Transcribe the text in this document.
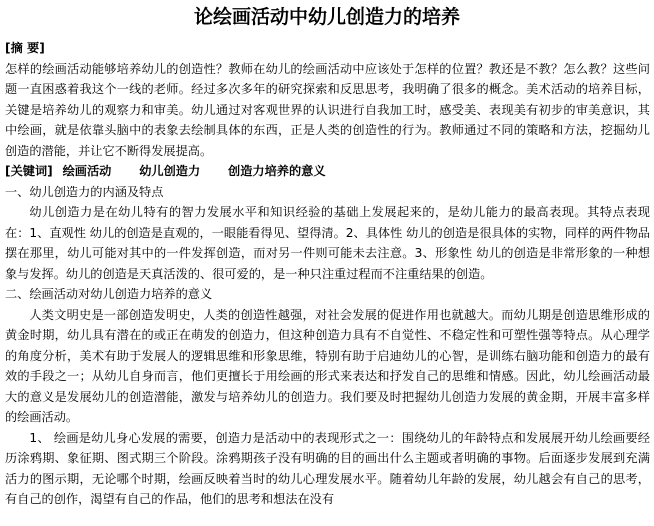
论绘画活动中幼儿创造力的培养

[摘 要]

怎样的绘画活动能够培养幼儿的创造性？教师在幼儿的绘画活动中应该处于怎样的位置？教还是不教？怎么教？这些问题一直困惑着我这个一线的老师。经过多次多年的研究探索和反思思考，我明确了很多的概念。美术活动的培养目标，关键是培养幼儿的观察力和审美。幼儿通过对客观世界的认识进行自我加工时，感受美、表现美有初步的审美意识，其中绘画，就是依靠头脑中的表象去绘制具体的东西，正是人类的创造性的行为。教师通过不同的策略和方法，挖掘幼儿创造的潜能，并让它不断得发展提高。

[关键词] 绘画活动 幼儿创造力 创造力培养的意义

一、幼儿创造力的内涵及特点

幼儿创造力是在幼儿特有的智力发展水平和知识经验的基础上发展起来的，是幼儿能力的最高表现。其特点表现在：1、直观性 幼儿的创造是直观的，一眼能看得见、望得清。2、具体性 幼儿的创造是很具体的实物，同样的两件物品摆在那里，幼儿可能对其中的一件发挥创造，而对另一件则可能未去注意。3、形象性 幼儿的创造是非常形象的一种想象与发挥。幼儿的创造是天真活泼的、很可爱的，是一种只注重过程而不注重结果的创造。

二、绘画活动对幼儿创造力培养的意义

人类文明史是一部创造发明史，人类的创造性越强，对社会发展的促进作用也就越大。而幼儿期是创造思维形成的黄金时期，幼儿具有潜在的或正在萌发的创造力，但这种创造力具有不自觉性、不稳定性和可塑性强等特点。从心理学的角度分析，美术有助于发展人的逻辑思维和形象思维，特别有助于启迪幼儿的心智，是训练右脑功能和创造力的最有效的手段之一；从幼儿自身而言，他们更擅长于用绘画的形式来表达和抒发自己的思维和情感。因此，幼儿绘画活动最大的意义是发展幼儿的创造潜能，激发与培养幼儿的创造力。我们要及时把握幼儿创造力发展的黄金期，开展丰富多样的绘画活动。

1、 绘画是幼儿身心发展的需要，创造力是活动中的表现形式之一：围绕幼儿的年龄特点和发展展开幼儿绘画要经历涂鸦期、象征期、图式期三个阶段。涂鸦期孩子没有明确的目的画出什么主题或者明确的事物。后面逐步发展到充满活力的图示期，无论哪个时期，绘画反映着当时的幼儿心理发展水平。随着幼儿年龄的发展，幼儿越会有自己的思考，有自己的创作，渴望有自己的作品，他们的思考和想法在没有
